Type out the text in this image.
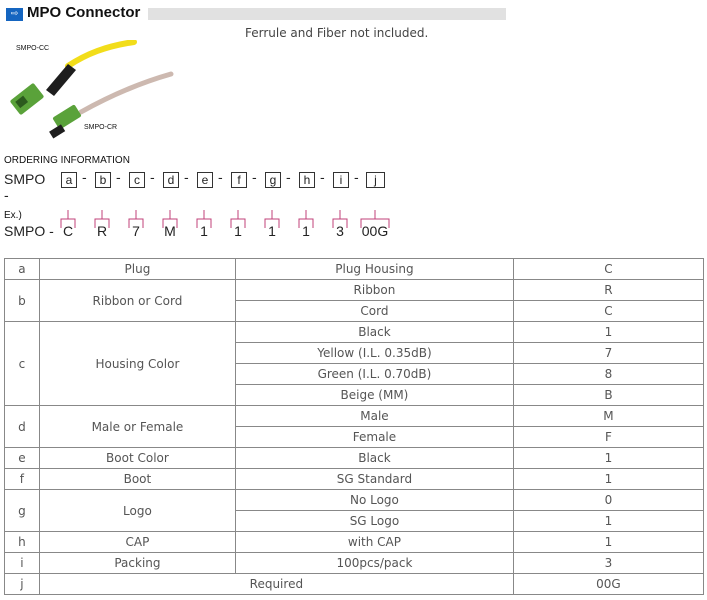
⇨ MPO Connector
Ferrule and Fiber not included.
SMPO-CC
SMPO-CR
ORDERING INFORMATION
SMPO -
a -	b -	c -	d -	e -	f -	g -	h -	i -	j
Ex.)
SMPO - C R 7 M 1 1 1 1 3 00G
a	Plug	Plug Housing	C
b	Ribbon or Cord	Ribbon	R
		Cord	C
c	Housing Color	Black	1
		Yellow (I.L. 0.35dB)	7
		Green (I.L. 0.70dB)	8
		Beige (MM)	B
d	Male or Female	Male	M
		Female	F
e	Boot Color	Black	1
f	Boot	SG Standard	1
g	Logo	No Logo	0
		SG Logo	1
h	CAP	with CAP	1
i	Packing	100pcs/pack	3
j	Required		00G
